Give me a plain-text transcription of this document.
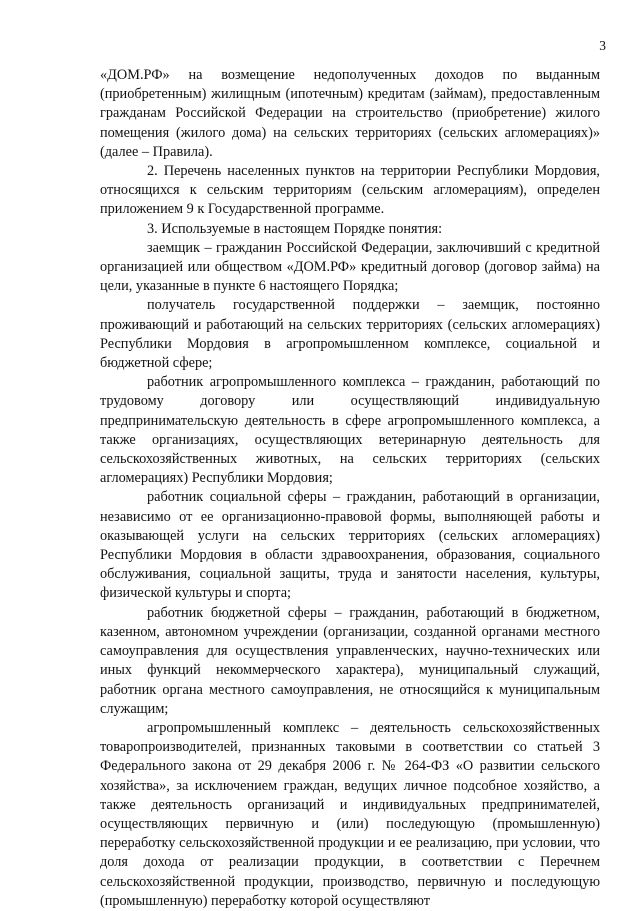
3

«ДОМ.РФ» на возмещение недополученных доходов по выданным (приобретенным) жилищным (ипотечным) кредитам (займам), предоставленным гражданам Российской Федерации на строительство (приобретение) жилого помещения (жилого дома) на сельских территориях (сельских агломерациях)» (далее – Правила).

2. Перечень населенных пунктов на территории Республики Мордовия, относящихся к сельским территориям (сельским агломерациям), определен приложением 9 к Государственной программе.

3. Используемые в настоящем Порядке понятия:

заемщик – гражданин Российской Федерации, заключивший с кредитной организацией или обществом «ДОМ.РФ» кредитный договор (договор займа) на цели, указанные в пункте 6 настоящего Порядка;

получатель государственной поддержки – заемщик, постоянно проживающий и работающий на сельских территориях (сельских агломерациях) Республики Мордовия в агропромышленном комплексе, социальной и бюджетной сфере;

работник агропромышленного комплекса – гражданин, работающий по трудовому договору или осуществляющий индивидуальную предпринимательскую деятельность в сфере агропромышленного комплекса, а также организациях, осуществляющих ветеринарную деятельность для сельскохозяйственных животных, на сельских территориях (сельских агломерациях) Республики Мордовия;

работник социальной сферы – гражданин, работающий в организации, независимо от ее организационно-правовой формы, выполняющей работы и оказывающей услуги на сельских территориях (сельских агломерациях) Республики Мордовия в области здравоохранения, образования, социального обслуживания, социальной защиты, труда и занятости населения, культуры, физической культуры и спорта;

работник бюджетной сферы – гражданин, работающий в бюджетном, казенном, автономном учреждении (организации, созданной органами местного самоуправления для осуществления управленческих, научно-технических или иных функций некоммерческого характера), муниципальный служащий, работник органа местного самоуправления, не относящийся к муниципальным служащим;

агропромышленный комплекс – деятельность сельскохозяйственных товаропроизводителей, признанных таковыми в соответствии со статьей 3 Федерального закона от 29 декабря 2006 г. № 264-ФЗ «О развитии сельского хозяйства», за исключением граждан, ведущих личное подсобное хозяйство, а также деятельность организаций и индивидуальных предпринимателей, осуществляющих первичную и (или) последующую (промышленную) переработку сельскохозяйственной продукции и ее реализацию, при условии, что доля дохода от реализации продукции, в соответствии с Перечнем сельскохозяйственной продукции, производство, первичную и последующую (промышленную) переработку которой осуществляют
